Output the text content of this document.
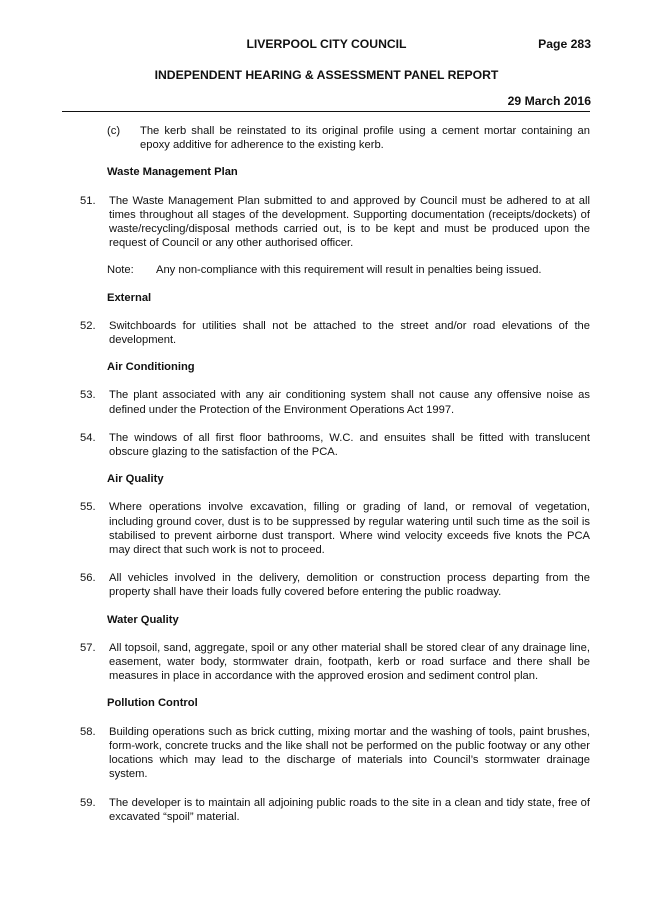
LIVERPOOL CITY COUNCIL	Page 283
INDEPENDENT HEARING & ASSESSMENT PANEL REPORT
29 March 2016
(c) The kerb shall be reinstated to its original profile using a cement mortar containing an epoxy additive for adherence to the existing kerb.

Waste Management Plan

51. The Waste Management Plan submitted to and approved by Council must be adhered to at all times throughout all stages of the development. Supporting documentation (receipts/dockets) of waste/recycling/disposal methods carried out, is to be kept and must be produced upon the request of Council or any other authorised officer.
Note: Any non-compliance with this requirement will result in penalties being issued.

External

52. Switchboards for utilities shall not be attached to the street and/or road elevations of the development.

Air Conditioning

53. The plant associated with any air conditioning system shall not cause any offensive noise as defined under the Protection of the Environment Operations Act 1997.
54. The windows of all first floor bathrooms, W.C. and ensuites shall be fitted with translucent obscure glazing to the satisfaction of the PCA.

Air Quality

55. Where operations involve excavation, filling or grading of land, or removal of vegetation, including ground cover, dust is to be suppressed by regular watering until such time as the soil is stabilised to prevent airborne dust transport. Where wind velocity exceeds five knots the PCA may direct that such work is not to proceed.
56. All vehicles involved in the delivery, demolition or construction process departing from the property shall have their loads fully covered before entering the public roadway.

Water Quality

57. All topsoil, sand, aggregate, spoil or any other material shall be stored clear of any drainage line, easement, water body, stormwater drain, footpath, kerb or road surface and there shall be measures in place in accordance with the approved erosion and sediment control plan.

Pollution Control

58. Building operations such as brick cutting, mixing mortar and the washing of tools, paint brushes, form-work, concrete trucks and the like shall not be performed on the public footway or any other locations which may lead to the discharge of materials into Council’s stormwater drainage system.
59. The developer is to maintain all adjoining public roads to the site in a clean and tidy state, free of excavated “spoil” material.
